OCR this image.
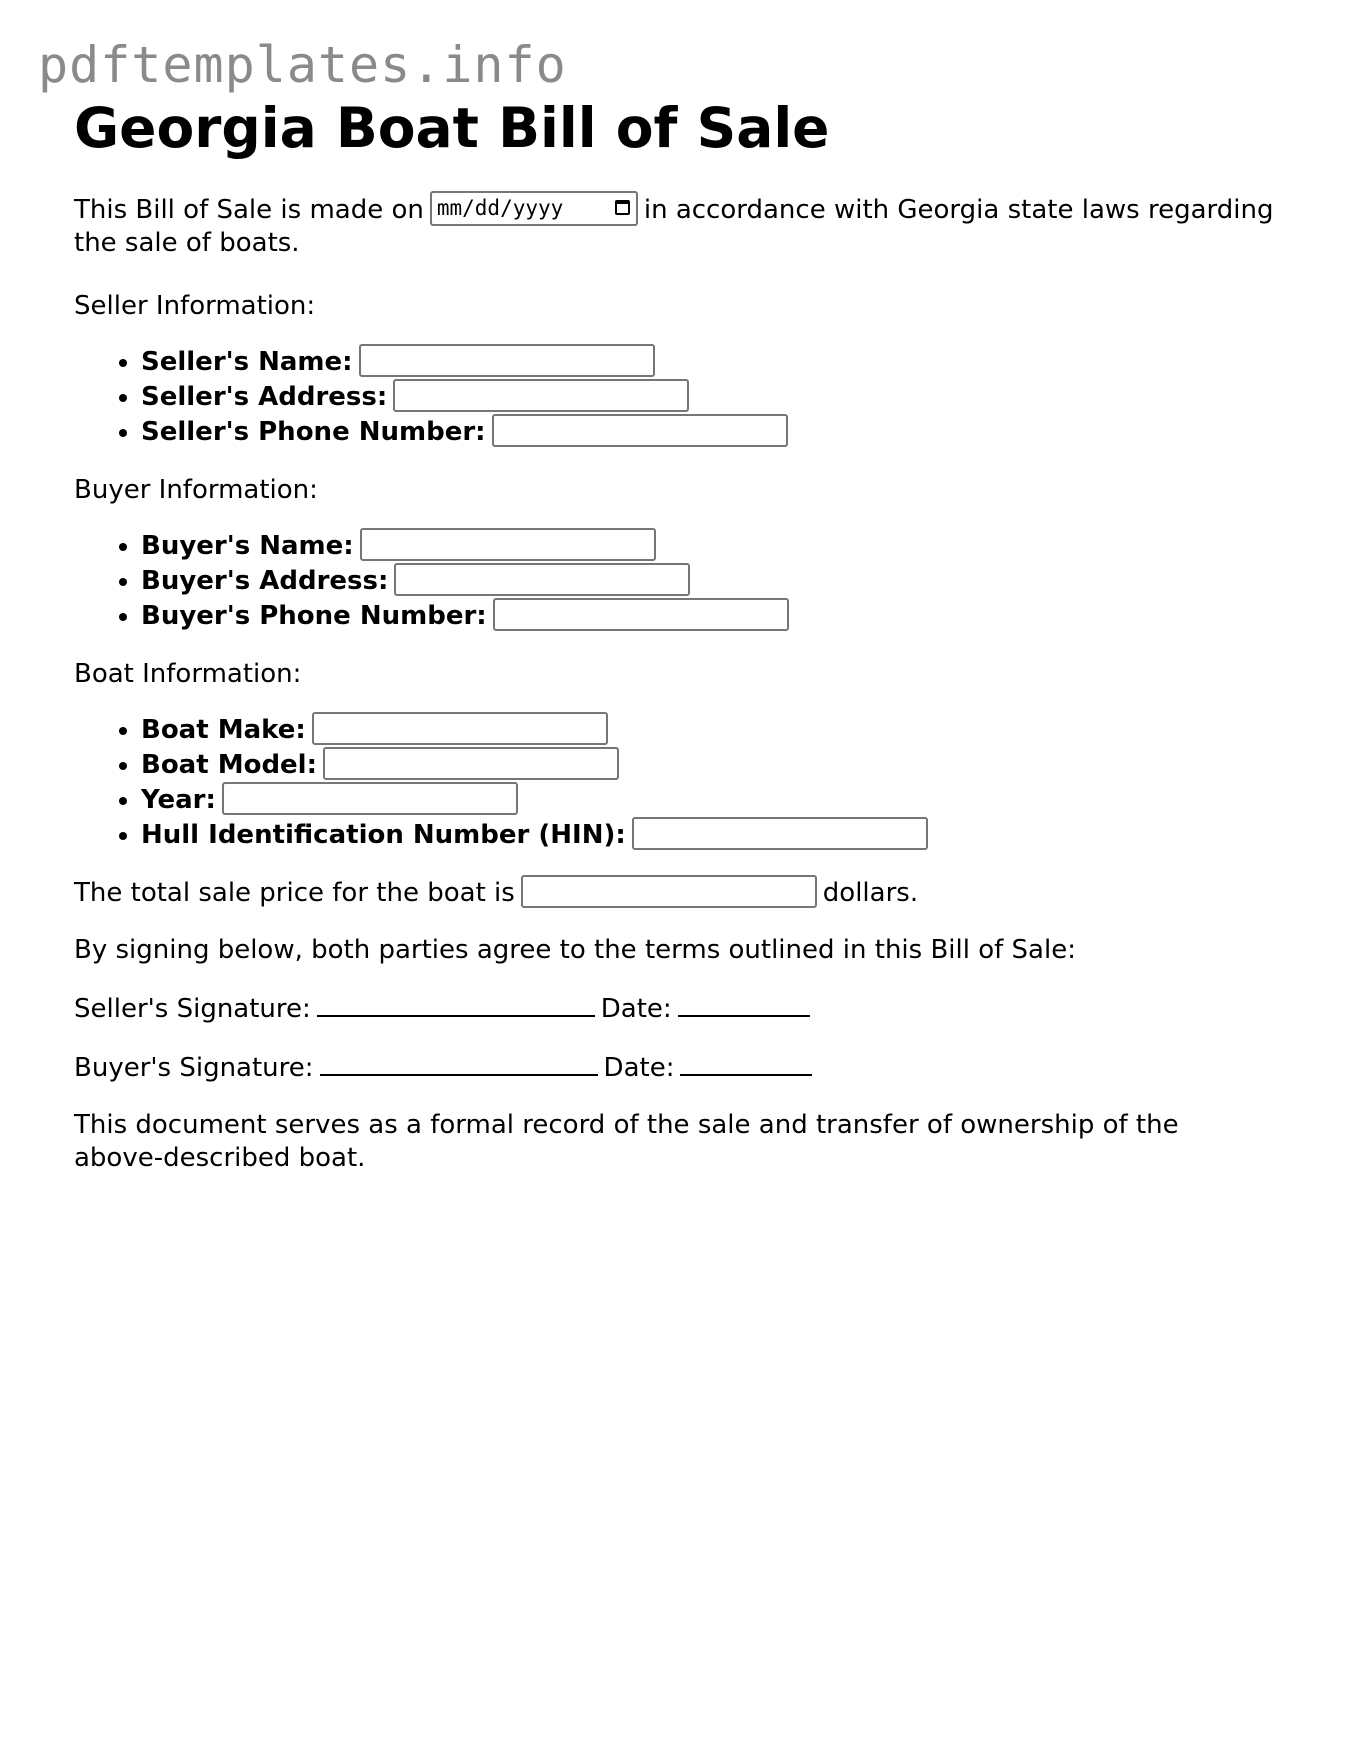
pdftemplates.info
Georgia Boat Bill of Sale

This Bill of Sale is made on mm/dd/yyyy	in accordance with Georgia state laws regarding the sale of boats.

Seller Information:

• Seller's Name:
• Seller's Address:
• Seller's Phone Number:

Buyer Information:

• Buyer's Name:
• Buyer's Address:
• Buyer's Phone Number:

Boat Information:

• Boat Make:
• Boat Model:
• Year:
• Hull Identification Number (HIN):

The total sale price for the boat is	dollars.

By signing below, both parties agree to the terms outlined in this Bill of Sale:

Seller's Signature:	Date:

Buyer's Signature:	Date:

This document serves as a formal record of the sale and transfer of ownership of the above-described boat.
